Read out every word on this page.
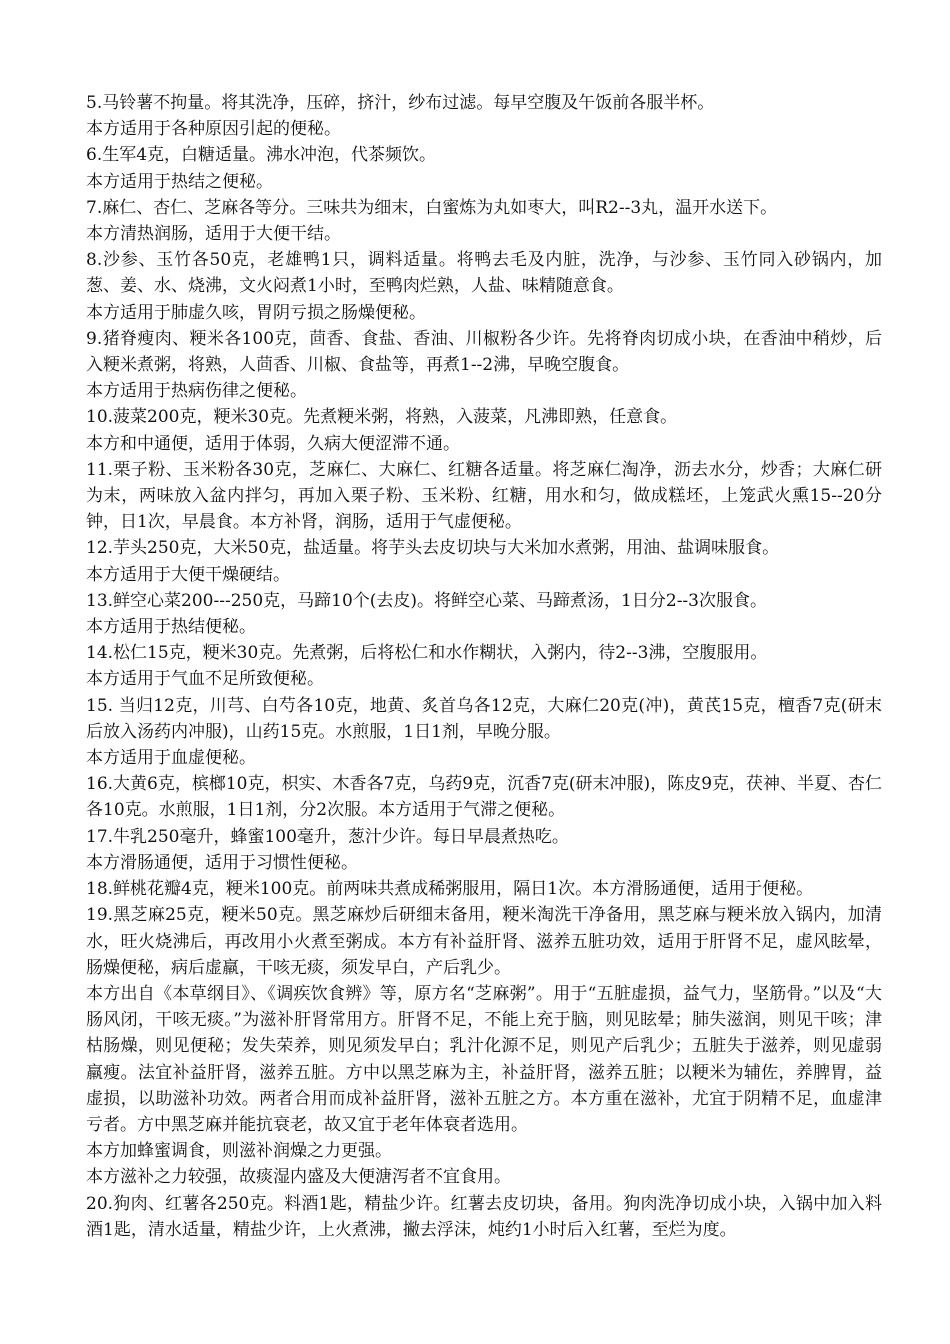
5.马铃薯不拘量。将其洗净，压碎，挤汁，纱布过滤。每早空腹及午饭前各服半杯。

本方适用于各种原因引起的便秘。

6.生军4克，白糖适量。沸水冲泡，代茶频饮。

本方适用于热结之便秘。

7.麻仁、杏仁、芝麻各等分。三味共为细末，白蜜炼为丸如枣大，叫R2--3丸，温开水送下。

本方清热润肠，适用于大便干结。

8.沙参、玉竹各50克，老雄鸭1只，调料适量。将鸭去毛及内脏，洗净，与沙参、玉竹同入砂锅内，加葱、姜、水、烧沸，文火闷煮1小时，至鸭肉烂熟，人盐、味精随意食。

本方适用于肺虚久咳，胃阴亏损之肠燥便秘。

9.猪脊瘦肉、粳米各100克，茴香、食盐、香油、川椒粉各少许。先将脊肉切成小块，在香油中稍炒，后入粳米煮粥，将熟，人茴香、川椒、食盐等，再煮1--2沸，早晚空腹食。

本方适用于热病伤律之便秘。

10.菠菜200克，粳米30克。先煮粳米粥，将熟，入菠菜，凡沸即熟，任意食。

本方和中通便，适用于体弱，久病大便涩滞不通。

11.栗子粉、玉米粉各30克，芝麻仁、大麻仁、红糖各适量。将芝麻仁淘净，沥去水分，炒香；大麻仁研为末，两味放入盆内拌匀，再加入栗子粉、玉米粉、红糖，用水和匀，做成糕坯，上笼武火熏15--20分钟，日1次，早晨食。本方补肾，润肠，适用于气虚便秘。

12.芋头250克，大米50克，盐适量。将芋头去皮切块与大米加水煮粥，用油、盐调味服食。

本方适用于大便干燥硬结。

13.鲜空心菜200---250克，马蹄10个(去皮)。将鲜空心菜、马蹄煮汤，1日分2--3次服食。

本方适用于热结便秘。

14.松仁15克，粳米30克。先煮粥，后将松仁和水作糊状，入粥内，待2--3沸，空腹服用。

本方适用于气血不足所致便秘。

15. 当归12克，川芎、白芍各10克，地黄、炙首乌各12克，大麻仁20克(冲)，黄芪15克，檀香7克(研末后放入汤药内冲服)，山药15克。水煎服，1日1剂，早晚分服。

本方适用于血虚便秘。

16.大黄6克，槟榔10克，枳实、木香各7克，乌药9克，沉香7克(研末冲服)，陈皮9克，茯神、半夏、杏仁各10克。水煎服，1日1剂，分2次服。本方适用于气滞之便秘。

17.牛乳250毫升，蜂蜜100毫升，葱汁少许。每日早晨煮热吃。

本方滑肠通便，适用于习惯性便秘。

18.鲜桃花瓣4克，粳米100克。前两味共煮成稀粥服用，隔日1次。本方滑肠通便，适用于便秘。

19.黑芝麻25克，粳米50克。黑芝麻炒后研细末备用，粳米淘洗干净备用，黑芝麻与粳米放入锅内，加清水，旺火烧沸后，再改用小火煮至粥成。本方有补益肝肾、滋养五脏功效，适用于肝肾不足，虚风眩晕，肠燥便秘，病后虚羸，干咳无痰，须发早白，产后乳少。

本方出自《本草纲目》、《调疾饮食辨》等，原方名“芝麻粥”。用于“五脏虚损，益气力，坚筋骨。”以及“大肠风闭，干咳无痰。”为滋补肝肾常用方。肝肾不足，不能上充于脑，则见眩晕；肺失滋润，则见干咳；津枯肠燥，则见便秘；发失荣养，则见须发早白；乳汁化源不足，则见产后乳少；五脏失于滋养，则见虚弱羸瘦。法宜补益肝肾，滋养五脏。方中以黑芝麻为主，补益肝肾，滋养五脏；以粳米为辅佐，养脾胃，益虚损，以助滋补功效。两者合用而成补益肝肾，滋补五脏之方。本方重在滋补，尤宜于阴精不足，血虚津亏者。方中黑芝麻并能抗衰老，故又宜于老年体衰者选用。

本方加蜂蜜调食，则滋补润燥之力更强。

本方滋补之力较强，故痰湿内盛及大便溏泻者不宜食用。

20.狗肉、红薯各250克。料酒1匙，精盐少许。红薯去皮切块，备用。狗肉洗净切成小块，入锅中加入料酒1匙，清水适量，精盐少许，上火煮沸，撇去浮沫，炖约1小时后入红薯，至烂为度。
